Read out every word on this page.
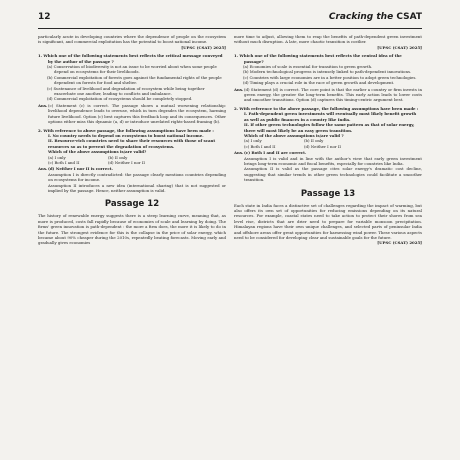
12	Cracking the CSAT

particularly acute in developing countries where the dependence of people on the ecosystem is significant, and commercial exploitation has the potential to boost national income.

[UPSC (CSAT) 2025]

1. Which one of the following statements best reflects the critical message conveyed by the author of the passage ?

(a) Conservation of biodiversity is not an issue to be worried about when some people depend on ecosystems for their livelihoods.

(b) Commercial exploitation of forests goes against the fundamental rights of the people dependent on forests for food and shelter.

(c) Sustenance of livelihood and degradation of ecosystem while being together exacerbate one another, leading to conflicts and imbalance.

(d) Commercial exploitation of ecosystems should be completely stopped.

Ans.(c) Statement (c) is correct. The passage shows a mutual worsening relationship: livelihood dependence leads to overuse, which in turn degrades the ecosystem, harming future livelihood. Option (c) best captures this feedback loop and its consequences. Other options either miss this dynamic (a, d) or introduce unrelated rights-based framing (b).

2. With reference to above passage, the following assumptions have been made :

I. No country needs to depend on ecosystems to boost national income.

II. Resource-rich countries need to share their resources with those of scant resources so as to prevent the degradation of ecosystems.

Which of the above assumptions is/are valid?

(a) I only	(b) II only
(c) Both I and II	(d) Neither I nor II

Ans.(d) Neither I nor II is correct.

Assumption I is directly contradicted: the passage clearly mentions countries depending on ecosystems for income.

Assumption II introduces a new idea (international sharing) that is not suggested or implied by the passage. Hence, neither assumption is valid.

Passage 12

The history of renewable energy suggests there is a steep learning curve, meaning that, as more is produced, costs fall rapidly because of economies of scale and learning by doing. The firms' green innovation is path-dependent : the more a firm does, the more it is likely to do in the future. The strongest evidence for this is the collapse in the price of solar energy, which became about 90% cheaper during the 2010s, repeatedly beating forecasts. Moving early and gradually gives economies

more time to adjust, allowing them to reap the benefits of path-dependent green investment without much disruption. A late, more chaotic transition is costlier.

[UPSC (CSAT) 2025]

1. Which one of the following statements best reflects the central idea of the passage?

(a) Economies of scale is essential for transition to green growth.

(b) Modern technological progress is intensely linked to path-dependent innovations.

(c) Countries with large economies are in a better position to adopt green technologies.

(d) Timing plays a crucial role in the race of green growth and development.

Ans.(d) Statement (d) is correct. The core point is that the earlier a country or firm invests in green energy, the greater the long-term benefits. This early action leads to lower costs and smoother transitions. Option (d) captures this timing-centric argument best.

2. With reference to the above passage, the following assumptions have been made :

I. Path-dependent green investments will eventually most likely benefit growth as well as public finances in a country like India.

II. If other green technologies follow the same pattern as that of solar energy, there will most likely be an easy green transition.

Which of the above assumptions is/are valid ?

(a) I only	(b) II only
(c) Both I and II	(d) Neither I nor II

Ans.(c) Both I and II are correct.

Assumption I is valid and in line with the author's view that early green investment brings long-term economic and fiscal benefits, especially for countries like India.

Assumption II is valid as the passage cites solar energy's dramatic cost decline, suggesting that similar trends in other green technologies could facilitate a smoother transition.

Passage 13

Each state in India faces a distinctive set of challenges regarding the impact of warming, but also offers its own set of opportunities for reducing emissions depending on its natural resources. For example, coastal states need to take action to protect their shores from sea level rise, districts that are drier need to prepare for variable monsoon precipitation. Himalayan regions have their own unique challenges, and selected parts of peninsular India and offshore areas offer great opportunities for harnessing wind power. These various aspects need to be considered for developing clear and sustainable goals for the future.

[UPSC (CSAT) 2025]
